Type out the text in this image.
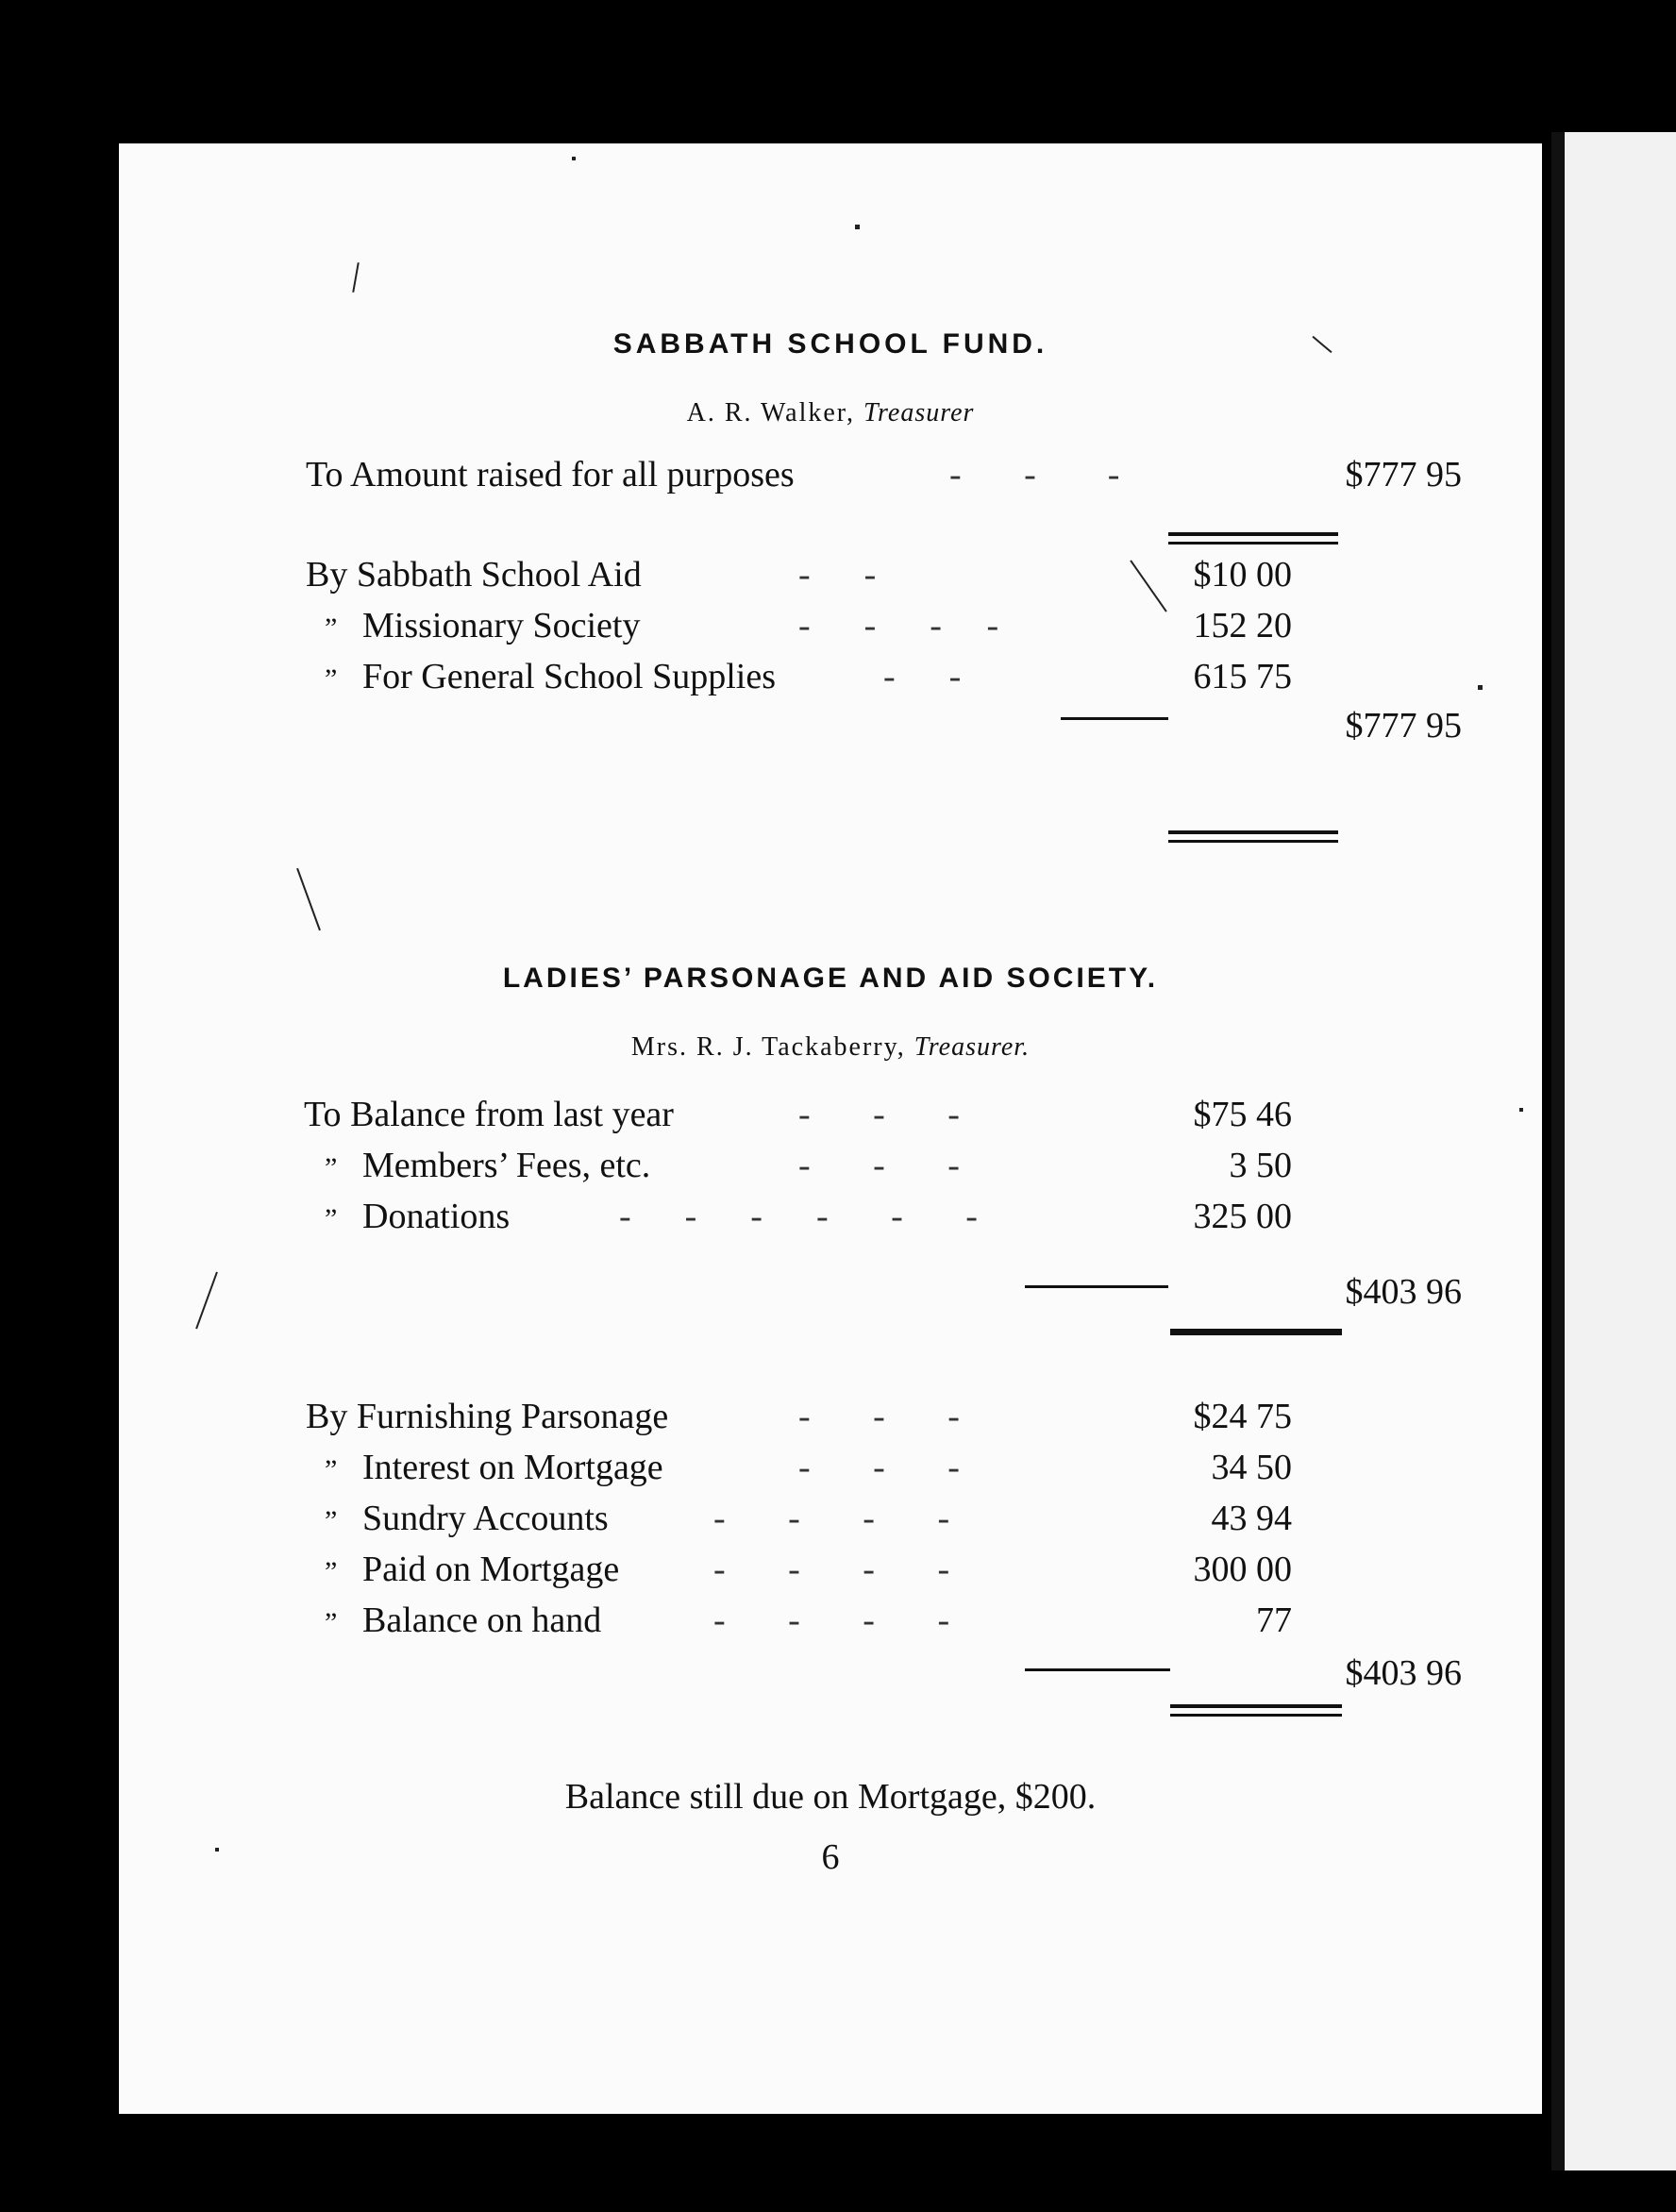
SABBATH SCHOOL FUND.
A. R. Walker, Treasurer
To Amount raised for all purposes	-       -        -	$777 95
By Sabbath School Aid	-      -	$10 00
” Missionary Society	-      -      -     -	152 20
” For General School Supplies	-      -	615 75
$777 95
LADIES’ PARSONAGE AND AID SOCIETY.
Mrs. R. J. Tackaberry, Treasurer.
To Balance from last year	-       -       -	$75 46
” Members’ Fees, etc.	-       -       -	3 50
” Donations	-      -      -      -       -       -	325 00
$403 96
By Furnishing Parsonage	-       -       -	$24 75
” Interest on Mortgage	-       -       -	34 50
” Sundry Accounts	-       -       -       -	43 94
” Paid on Mortgage	-       -       -       -	300 00
” Balance on hand	-       -       -       -	77
$403 96
Balance still due on Mortgage, $200.
6
